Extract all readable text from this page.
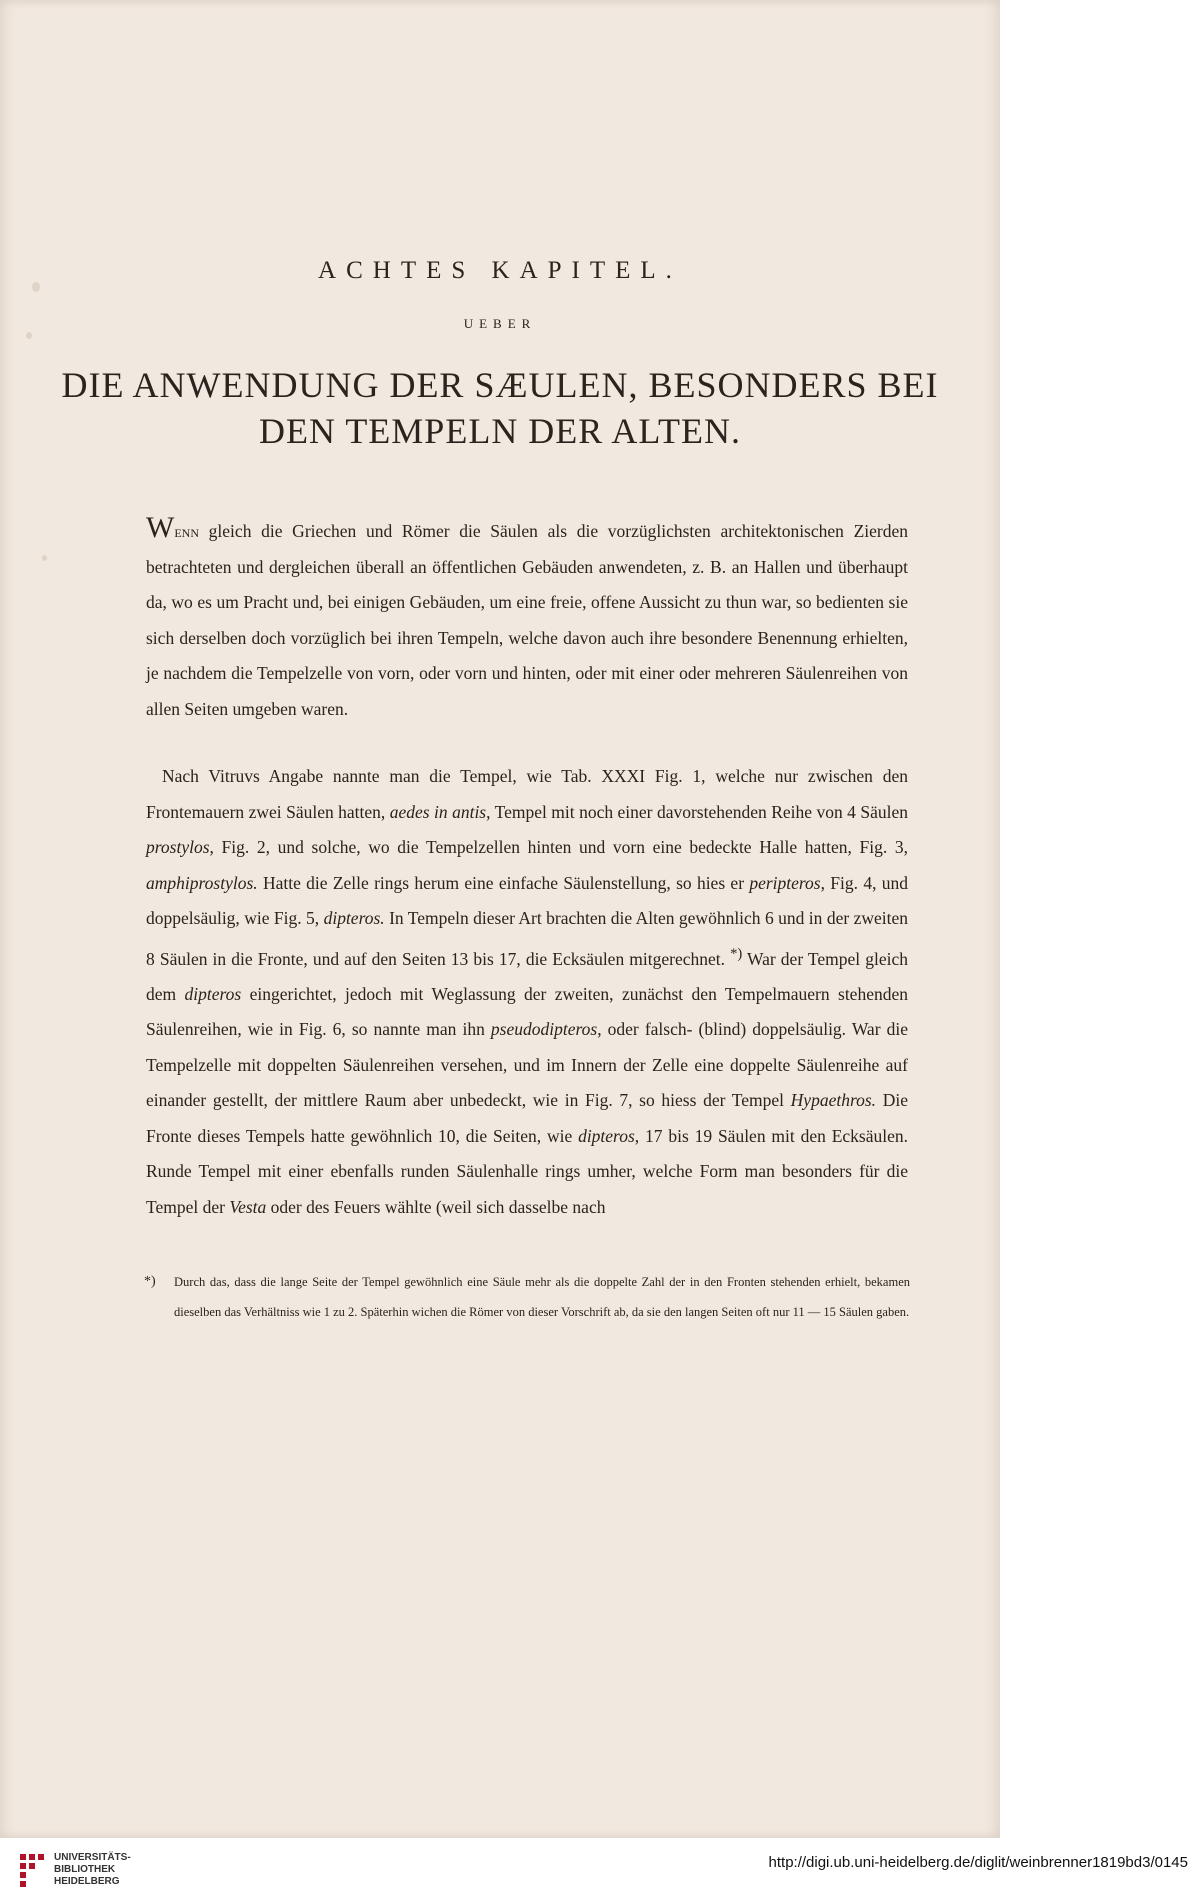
ACHTES KAPITEL.
UEBER
DIE ANWENDUNG DER SÆULEN, BESONDERS BEI
DEN TEMPELN DER ALTEN.
Wenn gleich die Griechen und Römer die Säulen als die vorzüglichsten architektonischen Zierden betrachteten und dergleichen überall an öffentlichen Gebäuden anwendeten, z. B. an Hallen und überhaupt da, wo es um Pracht und, bei einigen Gebäuden, um eine freie, offene Aussicht zu thun war, so bedienten sie sich derselben doch vorzüglich bei ihren Tempeln, welche davon auch ihre besondere Benennung erhielten, je nachdem die Tempelzelle von vorn, oder vorn und hinten, oder mit einer oder mehreren Säulenreihen von allen Seiten umgeben waren.
Nach Vitruvs Angabe nannte man die Tempel, wie Tab. XXXI Fig. 1, welche nur zwischen den Frontemauern zwei Säulen hatten, aedes in antis, Tempel mit noch einer davorstehenden Reihe von 4 Säulen prostylos, Fig. 2, und solche, wo die Tempelzellen hinten und vorn eine bedeckte Halle hatten, Fig. 3, amphiprostylos. Hatte die Zelle rings herum eine einfache Säulenstellung, so hies er peripteros, Fig. 4, und doppelsäulig, wie Fig. 5, dipteros. In Tempeln dieser Art brachten die Alten gewöhnlich 6 und in der zweiten 8 Säulen in die Fronte, und auf den Seiten 13 bis 17, die Ecksäulen mitgerechnet. *) War der Tempel gleich dem dipteros eingerichtet, jedoch mit Weglassung der zweiten, zunächst den Tempelmauern stehenden Säulenreihen, wie in Fig. 6, so nannte man ihn pseudodipteros, oder falsch- (blind) doppelsäulig. War die Tempelzelle mit doppelten Säulenreihen versehen, und im Innern der Zelle eine doppelte Säulenreihe auf einander gestellt, der mittlere Raum aber unbedeckt, wie in Fig. 7, so hiess der Tempel Hypaethros. Die Fronte dieses Tempels hatte gewöhnlich 10, die Seiten, wie dipteros, 17 bis 19 Säulen mit den Ecksäulen. Runde Tempel mit einer ebenfalls runden Säulenhalle rings umher, welche Form man besonders für die Tempel der Vesta oder des Feuers wählte (weil sich dasselbe nach
*)	Durch das, dass die lange Seite der Tempel gewöhnlich eine Säule mehr als die doppelte Zahl der in den Fronten stehenden erhielt, bekamen dieselben das Verhältniss wie 1 zu 2. Späterhin wichen die Römer von dieser Vorschrift ab, da sie den langen Seiten oft nur 11 — 15 Säulen gaben.
UNIVERSITÄTS-
BIBLIOTHEK
HEIDELBERG
http://digi.ub.uni-heidelberg.de/diglit/weinbrenner1819bd3/0145
